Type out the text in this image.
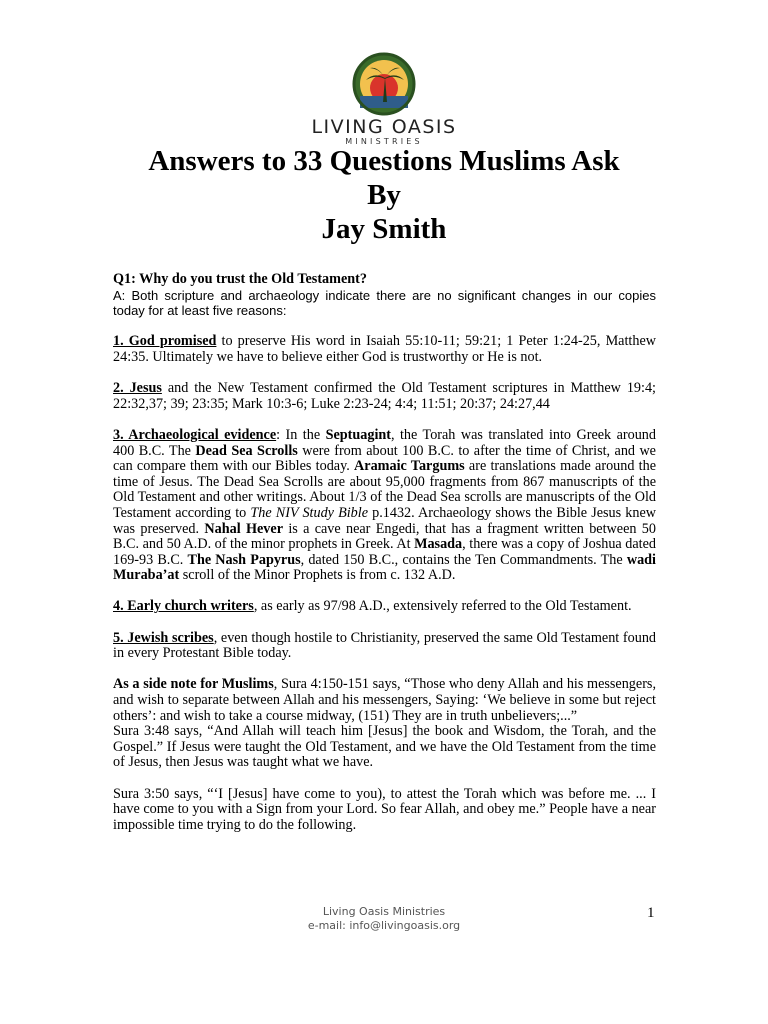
LIVING OASIS
MINISTRIES
Answers to 33 Questions Muslims Ask
By
Jay Smith

Q1: Why do you trust the Old Testament?

A: Both scripture and archaeology indicate there are no significant changes in our copies today for at least five reasons:

1. God promised to preserve His word in Isaiah 55:10-11; 59:21; 1 Peter 1:24-25, Matthew 24:35. Ultimately we have to believe either God is trustworthy or He is not.

2. Jesus and the New Testament confirmed the Old Testament scriptures in Matthew 19:4; 22:32,37; 39; 23:35; Mark 10:3-6; Luke 2:23-24; 4:4; 11:51; 20:37; 24:27,44

3. Archaeological evidence: In the Septuagint, the Torah was translated into Greek around 400 B.C. The Dead Sea Scrolls were from about 100 B.C. to after the time of Christ, and we can compare them with our Bibles today. Aramaic Targums are translations made around the time of Jesus. The Dead Sea Scrolls are about 95,000 fragments from 867 manuscripts of the Old Testament and other writings. About 1/3 of the Dead Sea scrolls are manuscripts of the Old Testament according to The NIV Study Bible p.1432. Archaeology shows the Bible Jesus knew was preserved. Nahal Hever is a cave near Engedi, that has a fragment written between 50 B.C. and 50 A.D. of the minor prophets in Greek. At Masada, there was a copy of Joshua dated 169-93 B.C. The Nash Papyrus, dated 150 B.C., contains the Ten Commandments. The wadi Muraba’at scroll of the Minor Prophets is from c. 132 A.D.

4. Early church writers, as early as 97/98 A.D., extensively referred to the Old Testament.

5. Jewish scribes, even though hostile to Christianity, preserved the same Old Testament found in every Protestant Bible today.

As a side note for Muslims, Sura 4:150-151 says, “Those who deny Allah and his messengers, and wish to separate between Allah and his messengers, Saying: ‘We believe in some but reject others’: and wish to take a course midway, (151) They are in truth unbelievers;...”

Sura 3:48 says, “And Allah will teach him [Jesus] the book and Wisdom, the Torah, and the Gospel.” If Jesus were taught the Old Testament, and we have the Old Testament from the time of Jesus, then Jesus was taught what we have.

Sura 3:50 says, “‘I [Jesus] have come to you), to attest the Torah which was before me. ... I have come to you with a Sign from your Lord. So fear Allah, and obey me.” People have a near impossible time trying to do the following.

Living Oasis Ministries
e-mail: info@livingoasis.org
1
